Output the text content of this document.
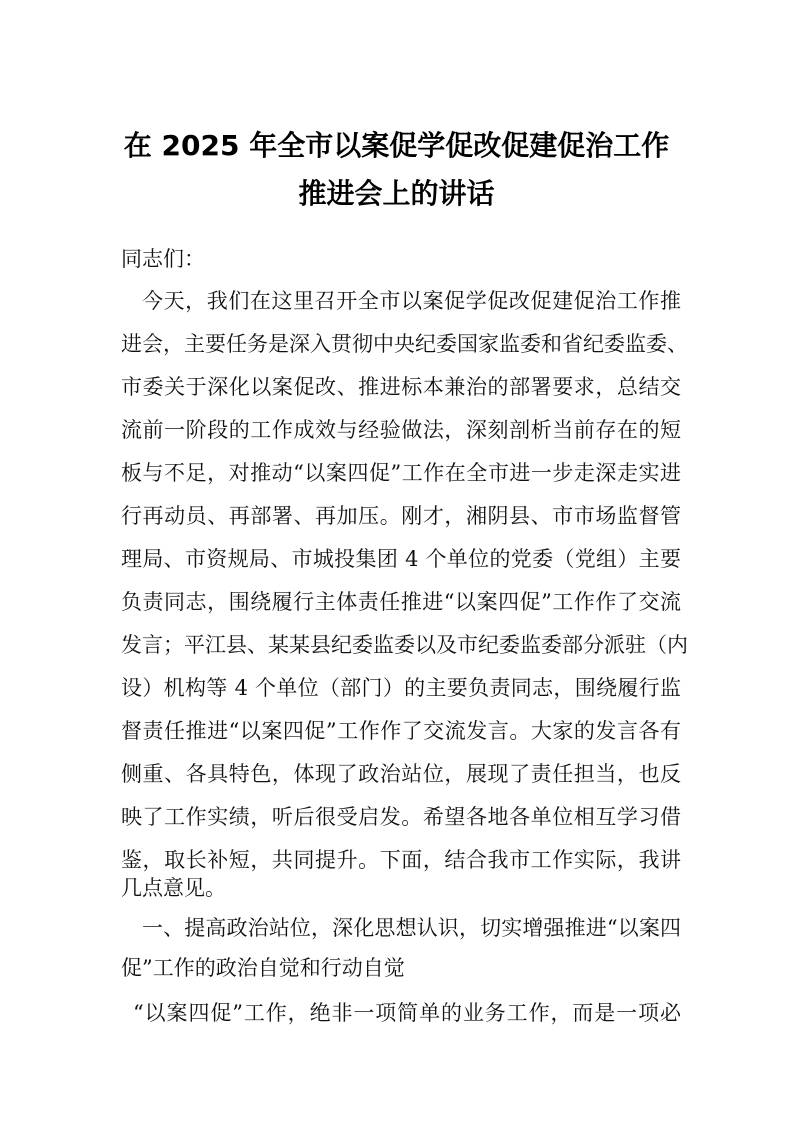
在 2025 年全市以案促学促改促建促治工作
推进会上的讲话

同志们：

今天，我们在这里召开全市以案促学促改促建促治工作推

进会，主要任务是深入贯彻中央纪委国家监委和省纪委监委、

市委关于深化以案促改、推进标本兼治的部署要求，总结交

流前一阶段的工作成效与经验做法，深刻剖析当前存在的短

板与不足，对推动“以案四促”工作在全市进一步走深走实进

行再动员、再部署、再加压。刚才，湘阴县、市市场监督管

理局、市资规局、市城投集团 4 个单位的党委（党组）主要

负责同志，围绕履行主体责任推进“以案四促”工作作了交流

发言；平江县、某某县纪委监委以及市纪委监委部分派驻（内

设）机构等 4 个单位（部门）的主要负责同志，围绕履行监

督责任推进“以案四促”工作作了交流发言。大家的发言各有

侧重、各具特色，体现了政治站位，展现了责任担当，也反

映了工作实绩，听后很受启发。希望各地各单位相互学习借

鉴，取长补短，共同提升。下面，结合我市工作实际，我讲

几点意见。

一、提高政治站位，深化思想认识，切实增强推进“以案四

促”工作的政治自觉和行动自觉

“以案四促”工作，绝非一项简单的业务工作，而是一项必
